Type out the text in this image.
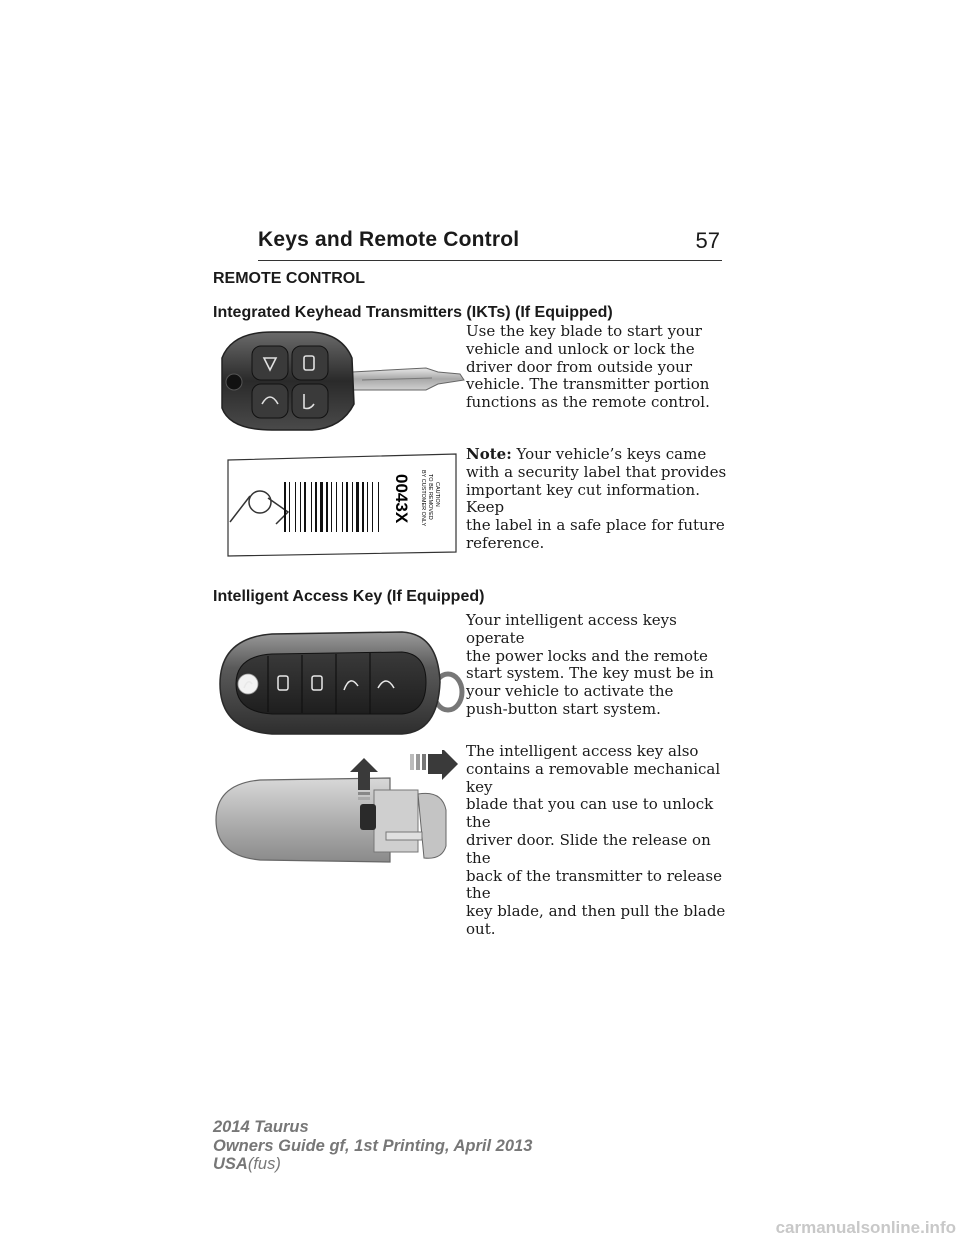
Keys and Remote Control	57
REMOTE CONTROL
Integrated Keyhead Transmitters (IKTs) (If Equipped)
Use the key blade to start your
vehicle and unlock or lock the
driver door from outside your
vehicle. The transmitter portion
functions as the remote control.
0043X	CAUTION
TO BE REMOVED
BY CUSTOMER ONLY
Note: Your vehicle’s keys came
with a security label that provides
important key cut information. Keep
the label in a safe place for future
reference.
Intelligent Access Key (If Equipped)
Your intelligent access keys operate
the power locks and the remote
start system. The key must be in
your vehicle to activate the
push-button start system.
The intelligent access key also
contains a removable mechanical key
blade that you can use to unlock the
driver door. Slide the release on the
back of the transmitter to release the
key blade, and then pull the blade
out.
2014 Taurus
Owners Guide gf, 1st Printing, April 2013
USA(fus)
carmanualsonline.info
